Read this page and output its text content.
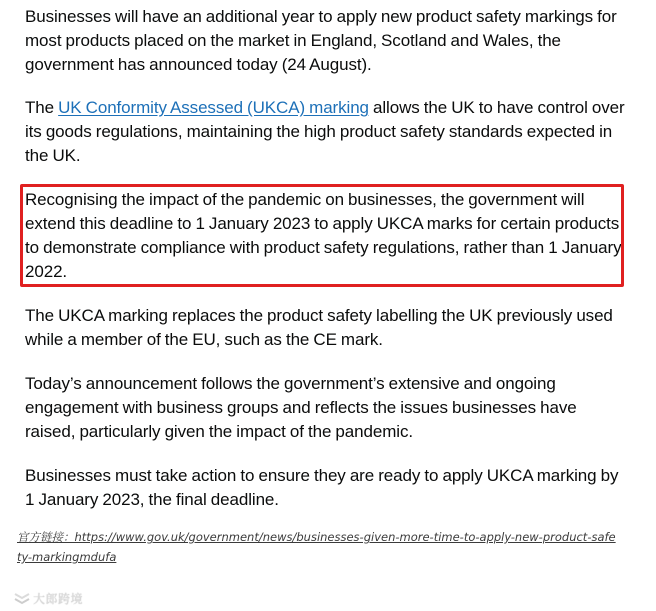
Businesses will have an additional year to apply new product safety markings for most products placed on the market in England, Scotland and Wales, the government has announced today (24 August).

The UK Conformity Assessed (UKCA) marking allows the UK to have control over its goods regulations, maintaining the high product safety standards expected in the UK.

Recognising the impact of the pandemic on businesses, the government will extend this deadline to 1 January 2023 to apply UKCA marks for certain products to demonstrate compliance with product safety regulations, rather than 1 January 2022.

The UKCA marking replaces the product safety labelling the UK previously used while a member of the EU, such as the CE mark.

Today’s announcement follows the government’s extensive and ongoing engagement with business groups and reflects the issues businesses have raised, particularly given the impact of the pandemic.

Businesses must take action to ensure they are ready to apply UKCA marking by 1 January 2023, the final deadline.

官方链接：https://www.gov.uk/government/news/businesses-given-more-time-to-apply-new-product-safety-markingmdufa

大郎跨境
